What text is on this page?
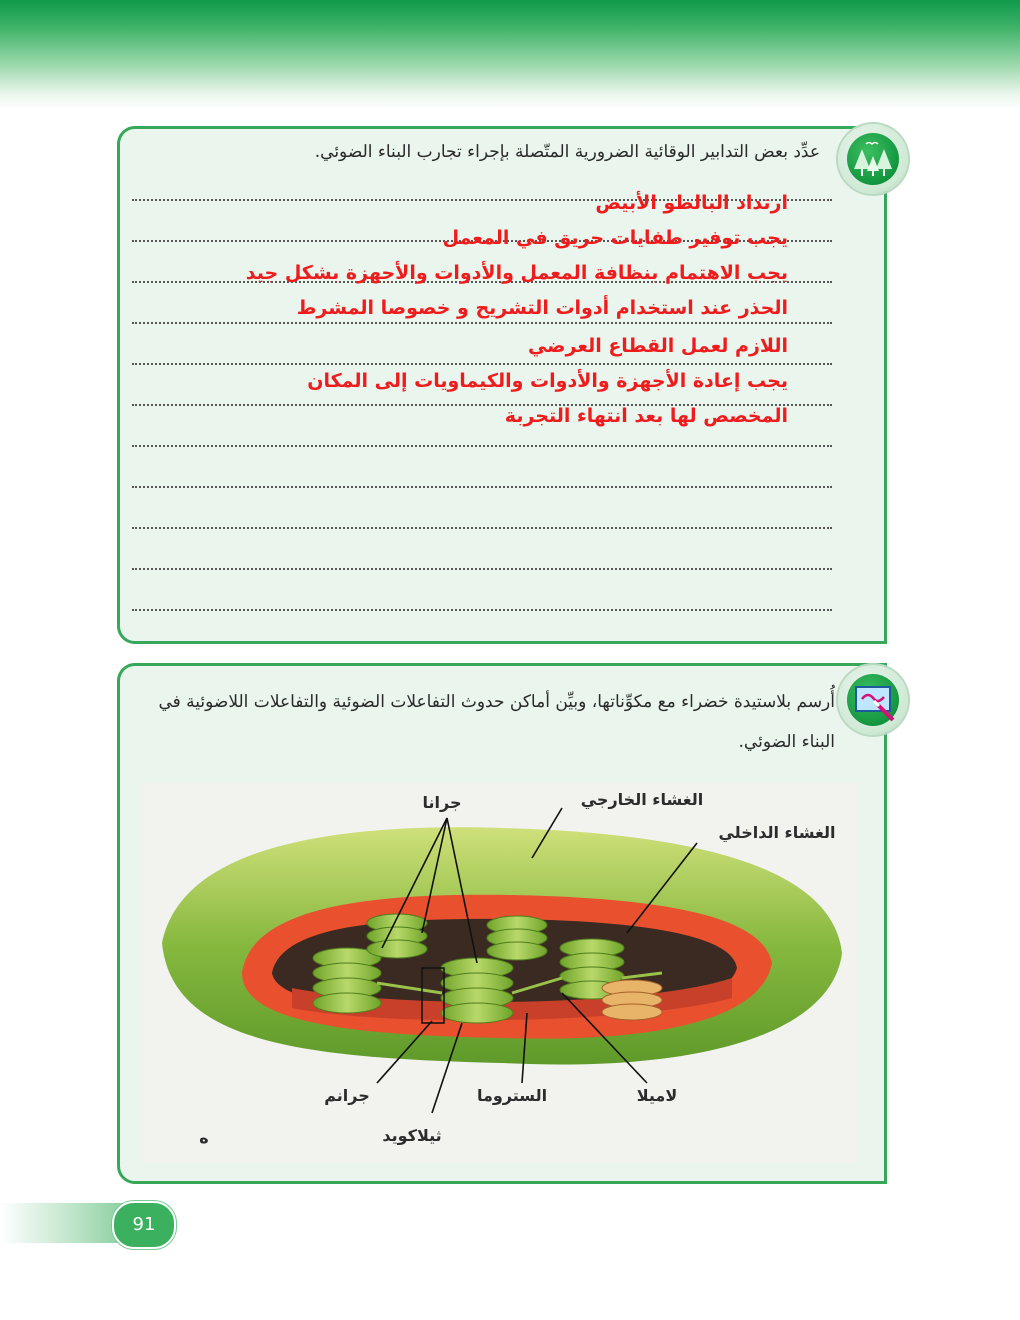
عدِّد بعض التدابير الوقائية الضرورية المتّصلة بإجراء تجارب البناء الضوئي.
ارتداد البالطو الأبيض
يجب توفير طفايات حريق في المعمل
يجب الاهتمام بنظافة المعمل والأدوات والأجهزة بشكل جيد
الحذر عند استخدام أدوات التشريح و خصوصا المشرط
اللازم لعمل القطاع العرضي
يجب إعادة الأجهزة والأدوات والكيماويات إلى المكان
المخصص لها بعد انتهاء التجربة
أُرسم بلاستيدة خضراء مع مكوِّناتها، وبيِّن أماكن حدوث التفاعلات الضوئية والتفاعلات اللاضوئية في البناء الضوئي.
جرانا	الغشاء الخارجي
الغشاء الداخلي
جرانم	الستروما	لاميلا
ثيلاكويد
ه
91
